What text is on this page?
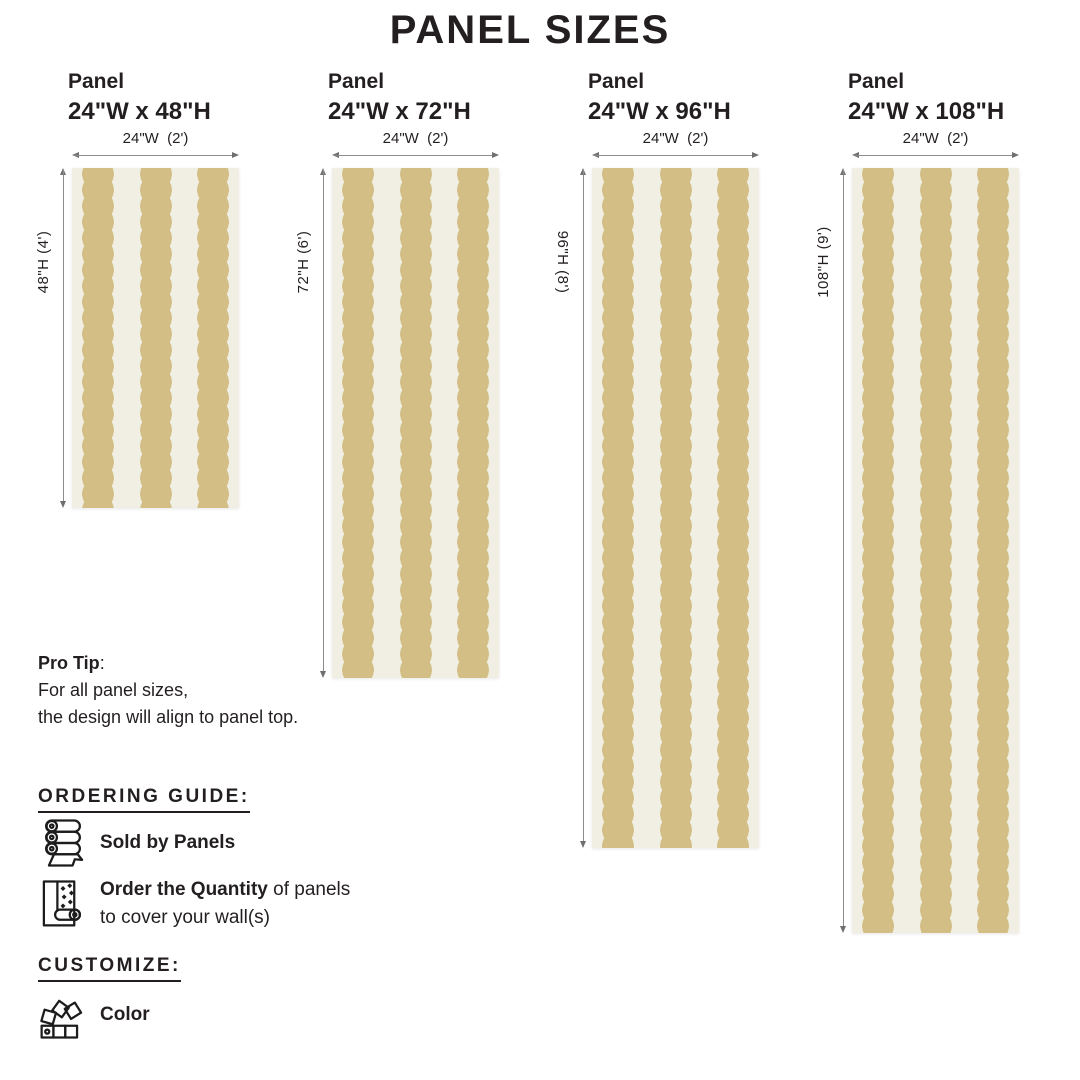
PANEL SIZES
Panel
24"W x 48"H
24"W  (2')
48"H (4')
Panel
24"W x 72"H
24"W  (2')
72"H (6')
Panel
24"W x 96"H
24"W  (2')
96"H (8')
Panel
24"W x 108"H
24"W  (2')
108"H (9')
Pro Tip:
For all panel sizes,
the design will align to panel top.
ORDERING GUIDE:
Sold by Panels
Order the Quantity of panels
to cover your wall(s)
CUSTOMIZE:
Color
